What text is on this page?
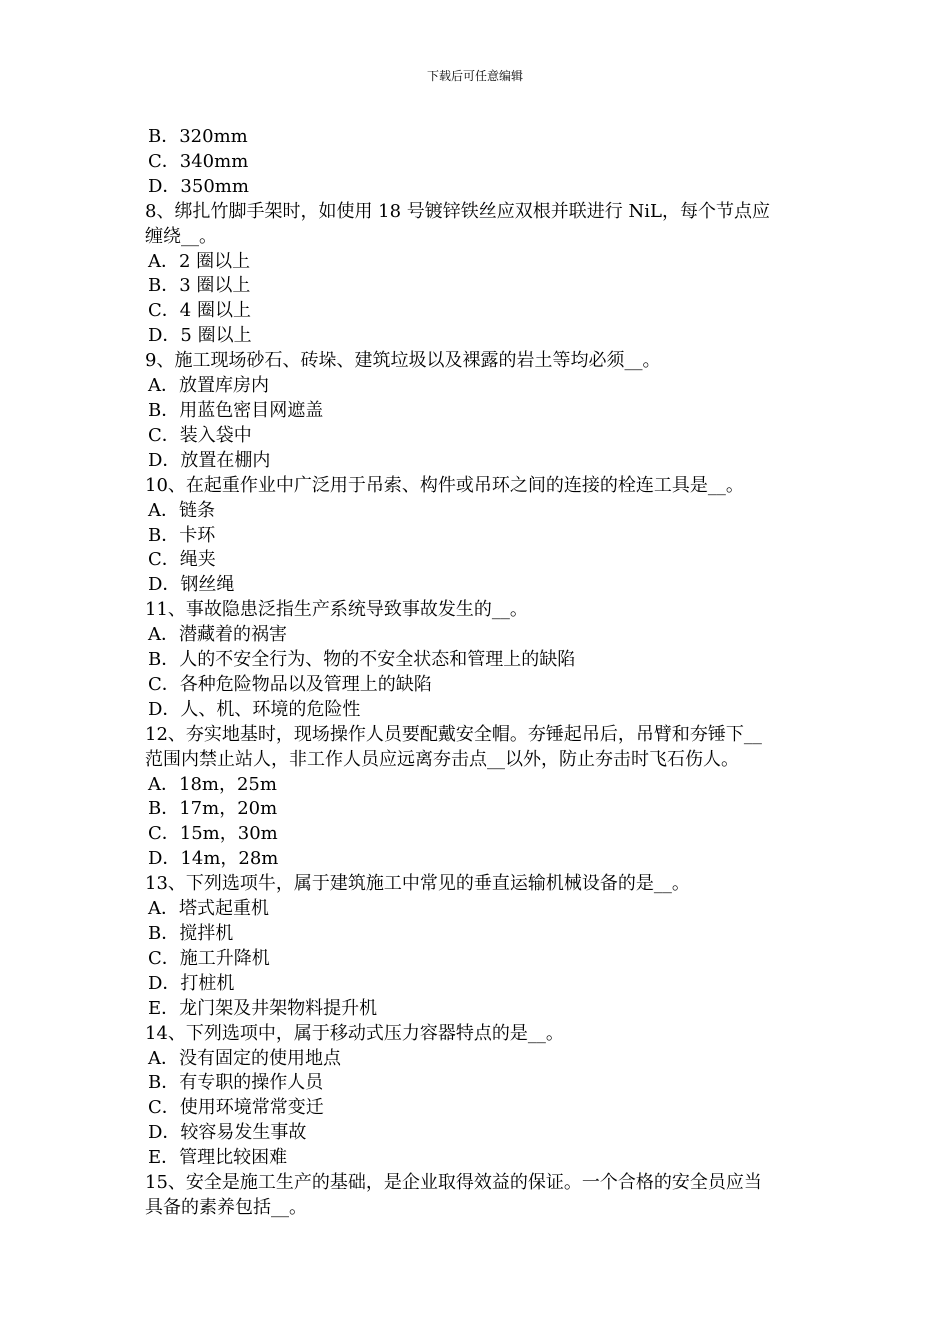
下载后可任意编辑
B．320mm
C．340mm
D．350mm
8、绑扎竹脚手架时，如使用 18 号镀锌铁丝应双根并联进行 NiL，每个节点应
缠绕__。
A．2 圈以上
B．3 圈以上
C．4 圈以上
D．5 圈以上
9、施工现场砂石、砖垛、建筑垃圾以及裸露的岩土等均必须__。
A．放置库房内
B．用蓝色密目网遮盖
C．装入袋中
D．放置在棚内
10、在起重作业中广泛用于吊索、构件或吊环之间的连接的栓连工具是__。
A．链条
B．卡环
C．绳夹
D．钢丝绳
11、事故隐患泛指生产系统导致事故发生的__。
A．潜藏着的祸害
B．人的不安全行为、物的不安全状态和管理上的缺陷
C．各种危险物品以及管理上的缺陷
D．人、机、环境的危险性
12、夯实地基时，现场操作人员要配戴安全帽。夯锤起吊后，吊臂和夯锤下__
范围内禁止站人，非工作人员应远离夯击点__以外，防止夯击时飞石伤人。
A．18m，25m
B．17m，20m
C．15m，30m
D．14m，28m
13、下列选项牛，属于建筑施工中常见的垂直运输机械设备的是__。
A．塔式起重机
B．搅拌机
C．施工升降机
D．打桩机
E．龙门架及井架物料提升机
14、下列选项中，属于移动式压力容器特点的是__。
A．没有固定的使用地点
B．有专职的操作人员
C．使用环境常常变迁
D．较容易发生事故
E．管理比较困难
15、安全是施工生产的基础，是企业取得效益的保证。一个合格的安全员应当
具备的素养包括__。
